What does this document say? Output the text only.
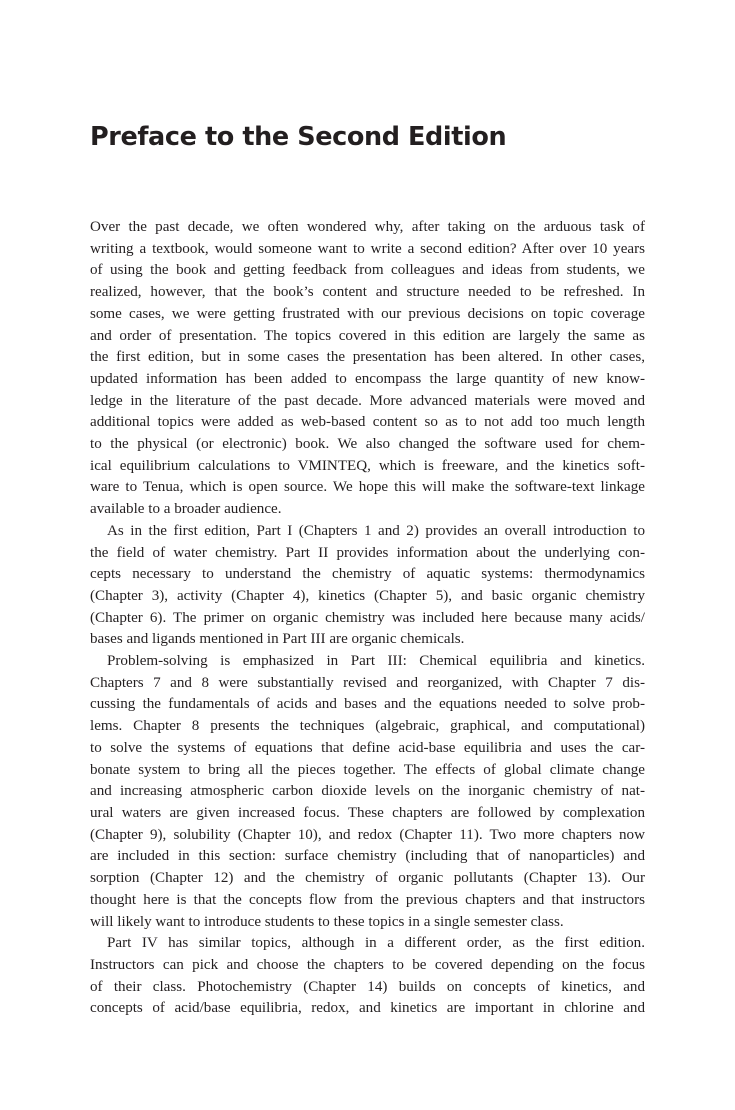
Preface to the Second Edition
Over the past decade, we often wondered why, after taking on the arduous task of
writing a textbook, would someone want to write a second edition? After over 10 years
of using the book and getting feedback from colleagues and ideas from students, we
realized, however, that the book’s content and structure needed to be refreshed. In
some cases, we were getting frustrated with our previous decisions on topic coverage
and order of presentation. The topics covered in this edition are largely the same as
the first edition, but in some cases the presentation has been altered. In other cases,
updated information has been added to encompass the large quantity of new know-
ledge in the literature of the past decade. More advanced materials were moved and
additional topics were added as web-based content so as to not add too much length
to the physical (or electronic) book. We also changed the software used for chem-
ical equilibrium calculations to VMINTEQ, which is freeware, and the kinetics soft-
ware to Tenua, which is open source. We hope this will make the software-text linkage
available to a broader audience.
As in the first edition, Part I (Chapters 1 and 2) provides an overall introduction to
the field of water chemistry. Part II provides information about the underlying con-
cepts necessary to understand the chemistry of aquatic systems: thermodynamics
(Chapter 3), activity (Chapter 4), kinetics (Chapter 5), and basic organic chemistry
(Chapter 6). The primer on organic chemistry was included here because many acids/
bases and ligands mentioned in Part III are organic chemicals.
Problem-solving is emphasized in Part III: Chemical equilibria and kinetics.
Chapters 7 and 8 were substantially revised and reorganized, with Chapter 7 dis-
cussing the fundamentals of acids and bases and the equations needed to solve prob-
lems. Chapter 8 presents the techniques (algebraic, graphical, and computational)
to solve the systems of equations that define acid-base equilibria and uses the car-
bonate system to bring all the pieces together. The effects of global climate change
and increasing atmospheric carbon dioxide levels on the inorganic chemistry of nat-
ural waters are given increased focus. These chapters are followed by complexation
(Chapter 9), solubility (Chapter 10), and redox (Chapter 11). Two more chapters now
are included in this section: surface chemistry (including that of nanoparticles) and
sorption (Chapter 12) and the chemistry of organic pollutants (Chapter 13). Our
thought here is that the concepts flow from the previous chapters and that instructors
will likely want to introduce students to these topics in a single semester class.
Part IV has similar topics, although in a different order, as the first edition.
Instructors can pick and choose the chapters to be covered depending on the focus
of their class. Photochemistry (Chapter 14) builds on concepts of kinetics, and
concepts of acid/base equilibria, redox, and kinetics are important in chlorine and
